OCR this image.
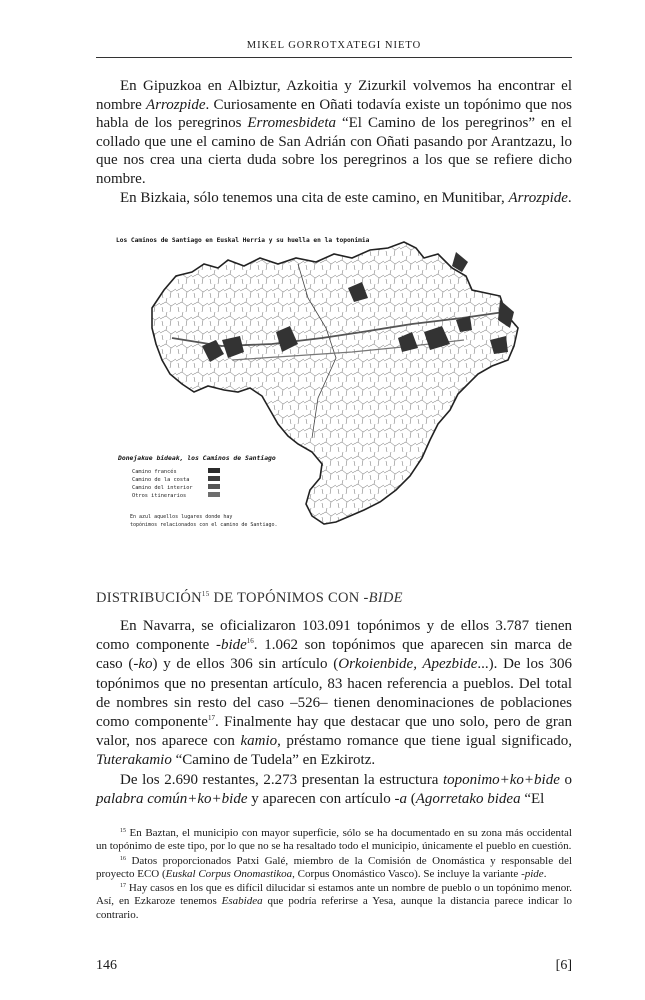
MIKEL GORROTXATEGI NIETO

En Gipuzkoa en Albiztur, Azkoitia y Zizurkil volvemos ha encontrar el nombre Arrozpide. Curiosamente en Oñati todavía existe un topónimo que nos habla de los peregrinos Erromesbideta “El Camino de los peregrinos” en el collado que une el camino de San Adrián con Oñati pasando por Arantzazu, lo que nos crea una cierta duda sobre los peregrinos a los que se refiere dicho nombre.

En Bizkaia, sólo tenemos una cita de este camino, en Munitibar, Arrozpide.

Los Caminos de Santiago en Euskal Herria y su huella en la toponimia
Donejakue bideak, los Caminos de Santiago
Camino francés
Camino de la costa
Camino del interior
Otros itinerarios
En azul aquellos lugares donde hay
topónimos relacionados con el camino de Santiago.
DISTRIBUCIÓN$^{15}$ DE TOPÓNIMOS CON -BIDE

En Navarra, se oficializaron 103.091 topónimos y de ellos 3.787 tienen como componente -bide$^{16}$. 1.062 son topónimos que aparecen sin marca de caso (-ko) y de ellos 306 sin artículo (Orkoienbide, Apezbide...). De los 306 topónimos que no presentan artículo, 83 hacen referencia a pueblos. Del total de nombres sin resto del caso –526– tienen denominaciones de poblaciones como componente$^{17}$. Finalmente hay que destacar que uno solo, pero de gran valor, nos aparece con kamio, préstamo romance que tiene igual significado, Tuterakamio “Camino de Tudela” en Ezkirotz.

De los 2.690 restantes, 2.273 presentan la estructura toponimo+ko+bide o palabra común+ko+bide y aparecen con artículo -a (Agorretako bidea “El

$^{15}$ En Baztan, el municipio con mayor superficie, sólo se ha documentado en su zona más occidental un topónimo de este tipo, por lo que no se ha resaltado todo el municipio, únicamente el pueblo en cuestión.

$^{16}$ Datos proporcionados Patxi Galé, miembro de la Comisión de Onomástica y responsable del proyecto ECO (Euskal Corpus Onomastikoa, Corpus Onomástico Vasco). Se incluye la variante -pide.

$^{17}$ Hay casos en los que es difícil dilucidar si estamos ante un nombre de pueblo o un topónimo menor. Así, en Ezkaroze tenemos Esabidea que podría referirse a Yesa, aunque la distancia parece indicar lo contrario.

146	[6]
